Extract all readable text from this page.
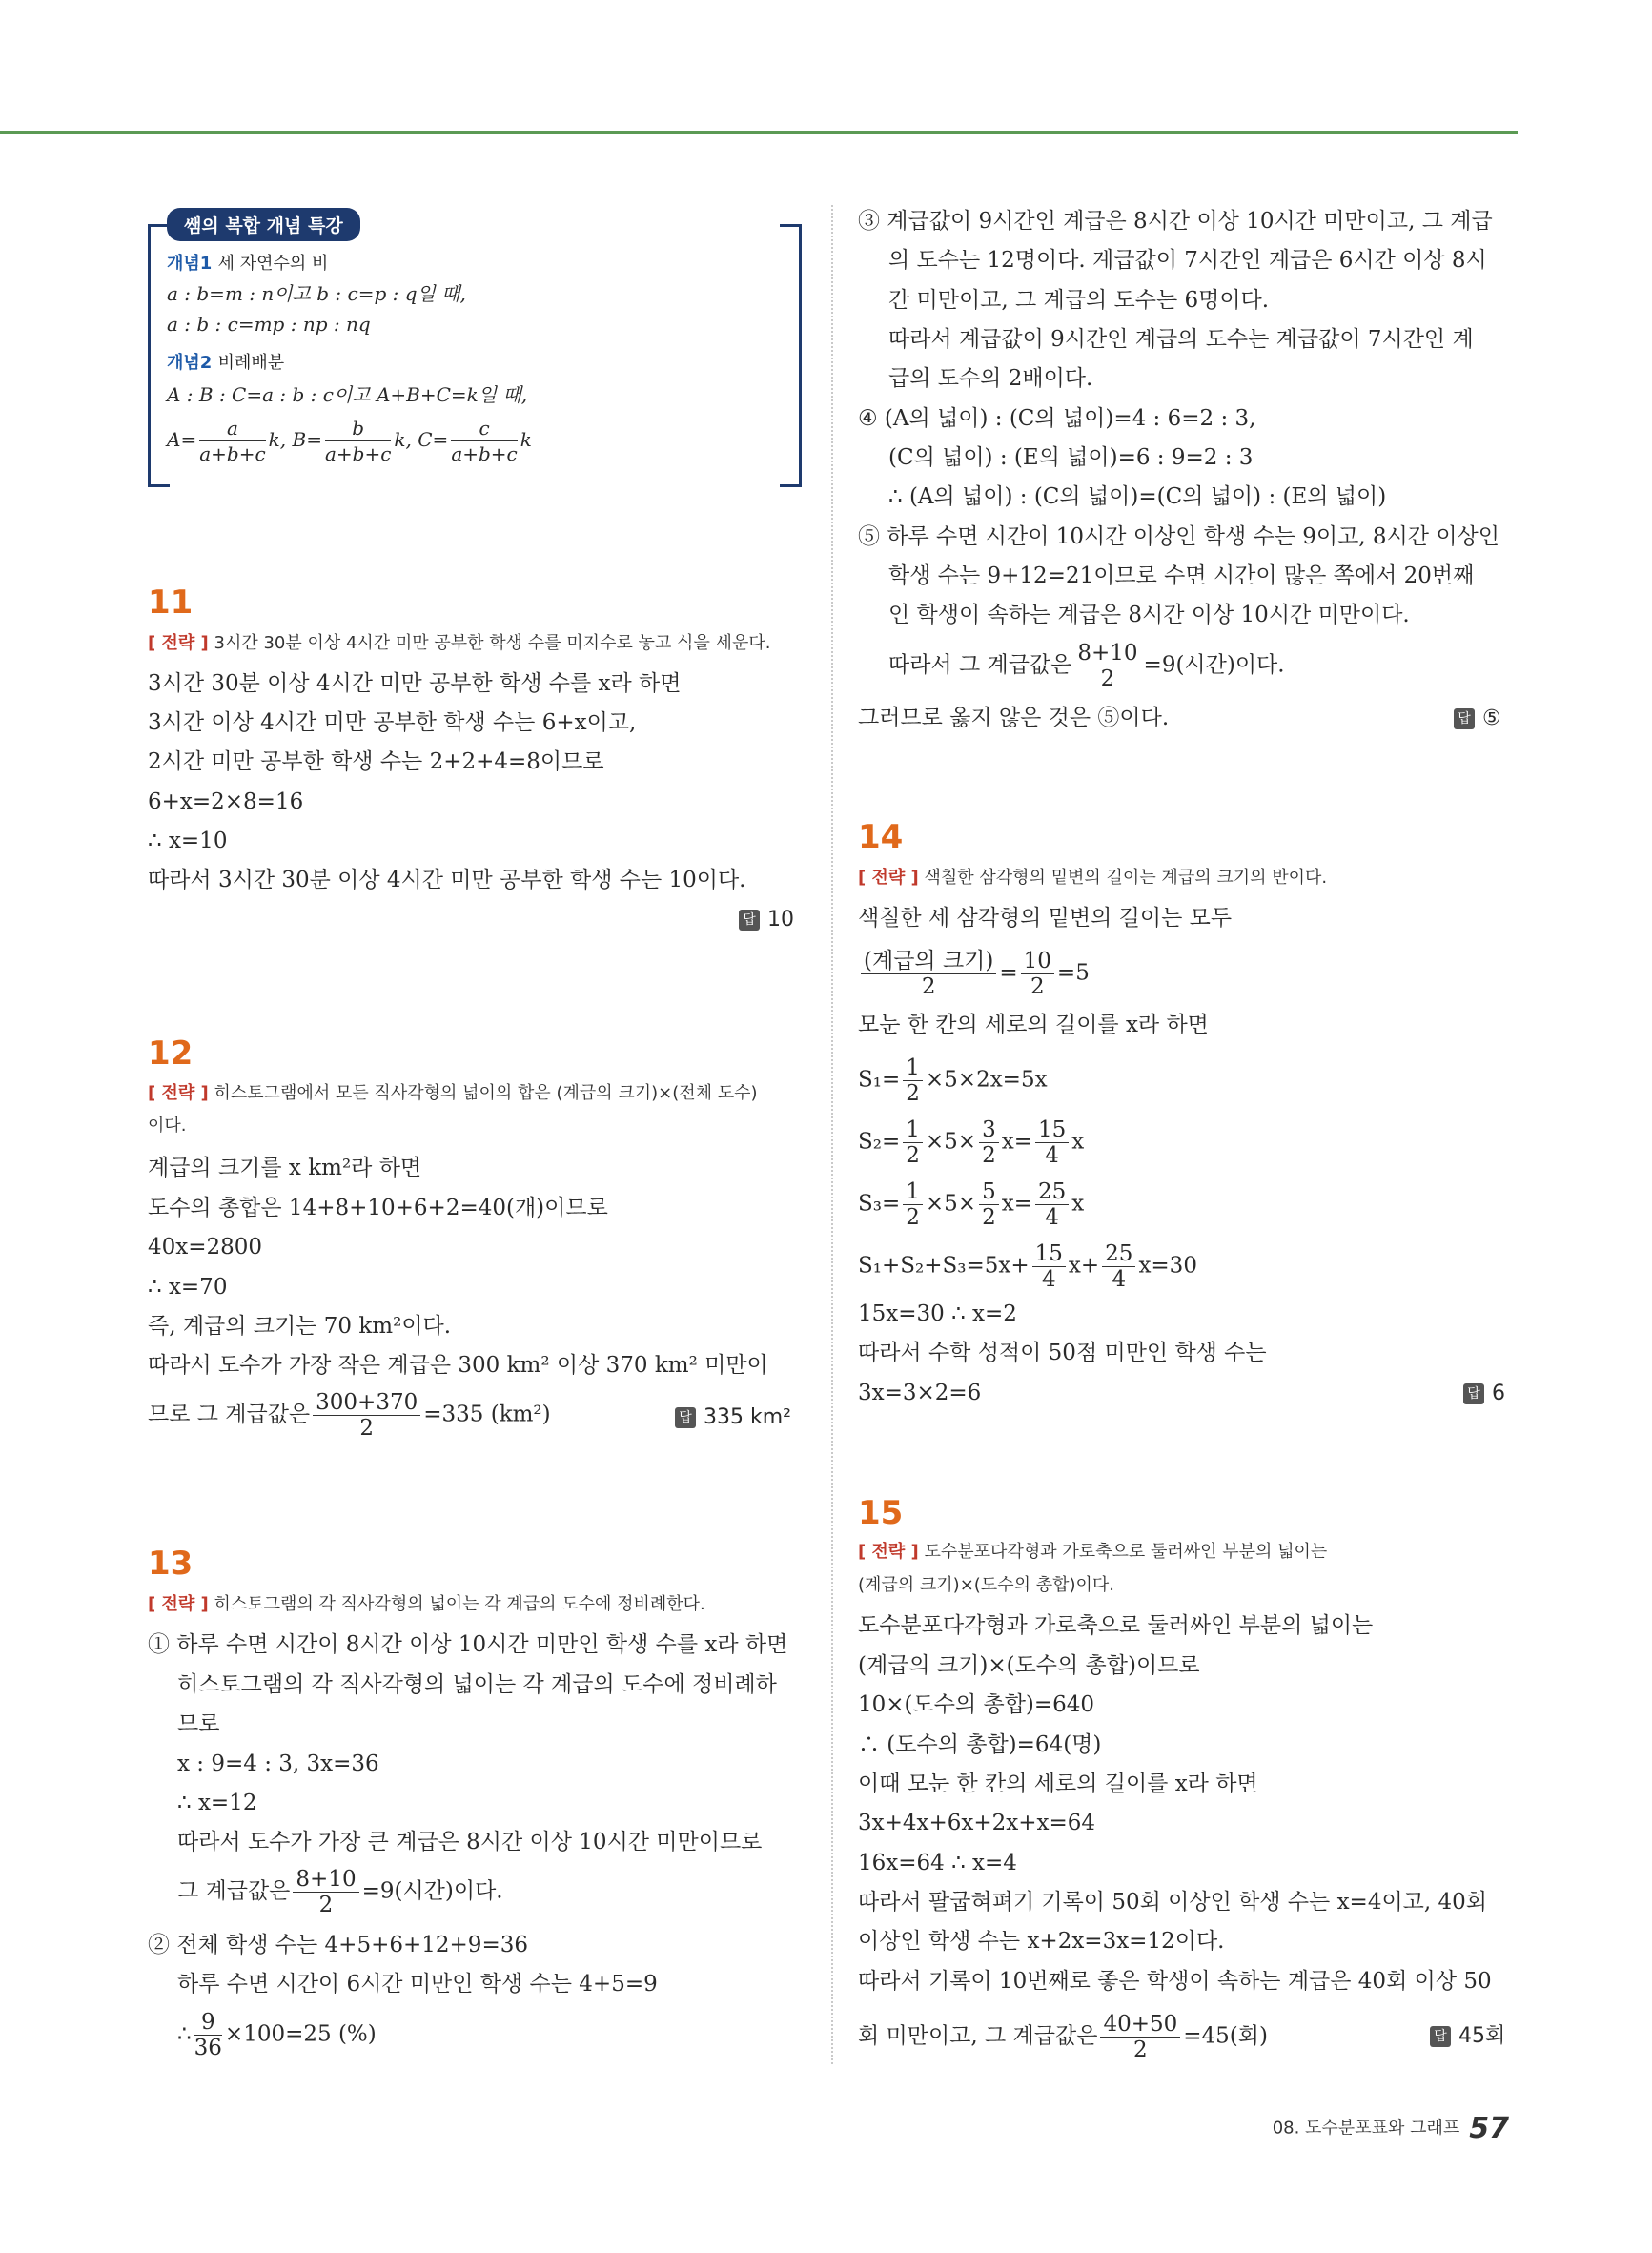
쌤의 복합 개념 특강
개념1 세 자연수의 비
a : b=m : n이고 b : c=p : q일 때,
a : b : c=mp : np : nq
개념2 비례배분
A : B : C=a : b : c이고 A+B+C=k일 때,
$A= \frac{a}{a+b+c} k$, $B= \frac{b}{a+b+c} k$, $C= \frac{c}{a+b+c}$ k
11
[ 전략 ] 3시간 30분 이상 4시간 미만 공부한 학생 수를 미지수로 놓고 식을 세운다.
3시간 30분 이상 4시간 미만 공부한 학생 수를 x라 하면
3시간 이상 4시간 미만 공부한 학생 수는 6+x이고,
2시간 미만 공부한 학생 수는 2+2+4=8이므로
6+x=2×8=16
∴ x=10
따라서 3시간 30분 이상 4시간 미만 공부한 학생 수는 10이다.
답 10
12
[ 전략 ] 히스토그램에서 모든 직사각형의 넓이의 합은 (계급의 크기)×(전체 도수)
이다.
계급의 크기를 x km²라 하면
도수의 총합은 14+8+10+6+2=40(개)이므로
40x=2800
∴ x=70
즉, 계급의 크기는 70 km²이다.
따라서 도수가 가장 작은 계급은 300 km² 이상 370 km² 미만이
므로 그 계급값은 $\frac{300+370}{2} =335$ (km²)	답 335 km²
13
[ 전략 ] 히스토그램의 각 직사각형의 넓이는 각 계급의 도수에 정비례한다.
① 하루 수면 시간이 8시간 이상 10시간 미만인 학생 수를 x라 하면
히스토그램의 각 직사각형의 넓이는 각 계급의 도수에 정비례하
므로
x : 9=4 : 3, 3x=36
∴ x=12
따라서 도수가 가장 큰 계급은 8시간 이상 10시간 미만이므로
그 계급값은 $\frac{8+10}{2} =9$(시간)이다.
② 전체 학생 수는 4+5+6+12+9=36
하루 수면 시간이 6시간 미만인 학생 수는 4+5=9
∴ $\frac{9}{36} \times 100=25$ (%)
③ 계급값이 9시간인 계급은 8시간 이상 10시간 미만이고, 그 계급
의 도수는 12명이다. 계급값이 7시간인 계급은 6시간 이상 8시
간 미만이고, 그 계급의 도수는 6명이다.
따라서 계급값이 9시간인 계급의 도수는 계급값이 7시간인 계
급의 도수의 2배이다.
④ (A의 넓이) : (C의 넓이)=4 : 6=2 : 3,
(C의 넓이) : (E의 넓이)=6 : 9=2 : 3
∴ (A의 넓이) : (C의 넓이)=(C의 넓이) : (E의 넓이)
⑤ 하루 수면 시간이 10시간 이상인 학생 수는 9이고, 8시간 이상인
학생 수는 9+12=21이므로 수면 시간이 많은 쪽에서 20번째
인 학생이 속하는 계급은 8시간 이상 10시간 미만이다.
따라서 그 계급값은 $\frac{8+10}{2} =9$(시간)이다.
그러므로 옳지 않은 것은 ⑤이다.	답 ⑤
14
[ 전략 ] 색칠한 삼각형의 밑변의 길이는 계급의 크기의 반이다.
색칠한 세 삼각형의 밑변의 길이는 모두
$\frac{\text{(계급의 크기)}}{2} = \frac{10}{2} =5$
모눈 한 칸의 세로의 길이를 x라 하면
$S_1= \frac{1}{2} \times 5\times 2x=5x$
$S_2= \frac{1}{2} \times 5\times \frac{3}{2} x= \frac{15}{4}$ x
$S_3= \frac{1}{2} \times 5\times \frac{5}{2} x= \frac{25}{4}$ x
$S_1+S_2+S_3=5x+ \frac{15}{4} x+ \frac{25}{4} x=30$
15x=30 ∴ x=2
따라서 수학 성적이 50점 미만인 학생 수는
3x=3×2=6	답 6
15
[ 전략 ] 도수분포다각형과 가로축으로 둘러싸인 부분의 넓이는
(계급의 크기)×(도수의 총합)이다.
도수분포다각형과 가로축으로 둘러싸인 부분의 넓이는
(계급의 크기)×(도수의 총합)이므로
10×(도수의 총합)=640
∴ (도수의 총합)=64(명)
이때 모눈 한 칸의 세로의 길이를 x라 하면
3x+4x+6x+2x+x=64
16x=64 ∴ x=4
따라서 팔굽혀펴기 기록이 50회 이상인 학생 수는 x=4이고, 40회
이상인 학생 수는 x+2x=3x=12이다.
따라서 기록이 10번째로 좋은 학생이 속하는 계급은 40회 이상 50
회 미만이고, 그 계급값은 $\frac{40+50}{2} =45$(회)	답 45회
08. 도수분포표와 그래프 57
